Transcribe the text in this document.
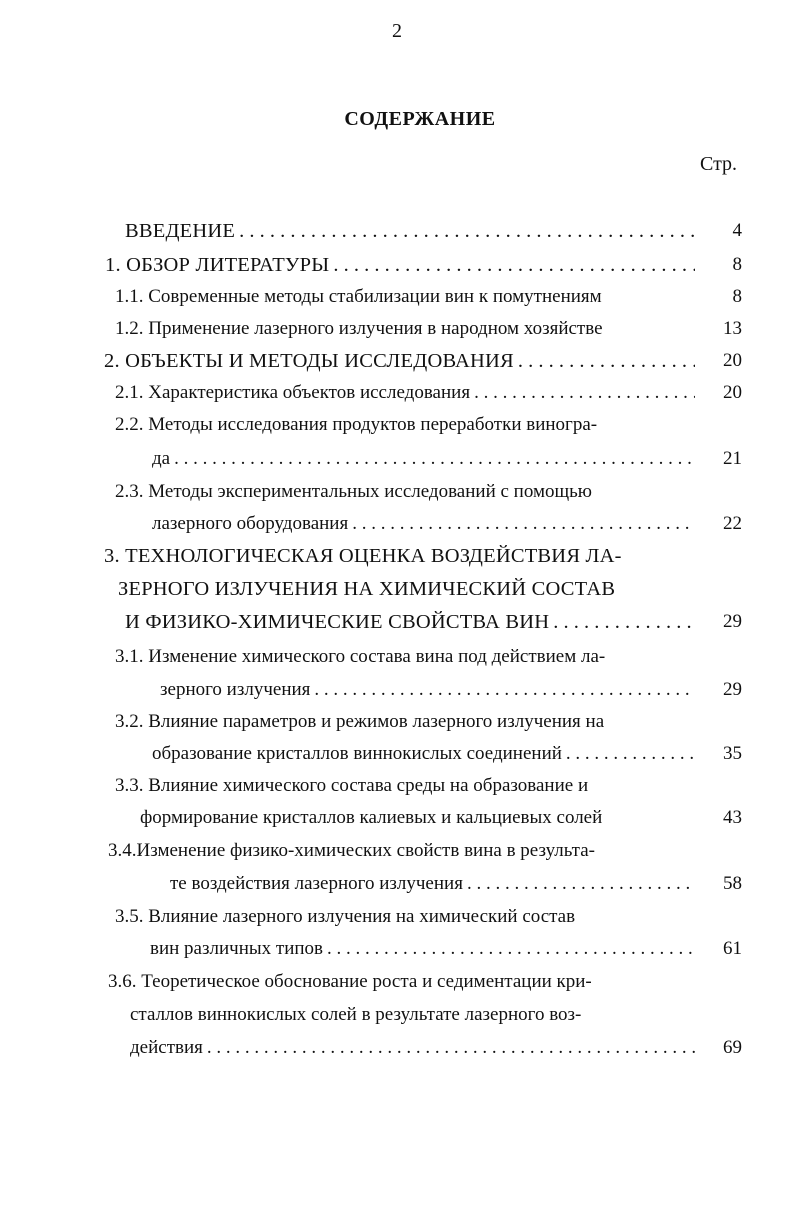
2
СОДЕРЖАНИЕ
Стр.
ВВЕДЕНИЕ . . .	4
1. ОБЗОР ЛИТЕРАТУРЫ . . .	8
1.1. Современные методы стабилизации вин к помутнениям	8
1.2. Применение лазерного излучения в народном хозяйстве	13
2. ОБЪЕКТЫ И МЕТОДЫ ИССЛЕДОВАНИЯ . . .	20
2.1. Характеристика объектов исследования . . .	20
2.2. Методы исследования продуктов переработки виногра-
да . . .	21
2.3. Методы экспериментальных исследований с помощью
лазерного оборудования . . .	22
3. ТЕХНОЛОГИЧЕСКАЯ ОЦЕНКА ВОЗДЕЙСТВИЯ ЛА-
ЗЕРНОГО ИЗЛУЧЕНИЯ НА ХИМИЧЕСКИЙ СОСТАВ
И ФИЗИКО-ХИМИЧЕСКИЕ СВОЙСТВА ВИН . . .	29
3.1. Изменение химического состава вина под действием ла-
зерного излучения . . .	29
3.2. Влияние параметров и режимов лазерного излучения на
образование кристаллов виннокислых соединений . . .	35
3.3. Влияние химического состава среды на образование и
формирование кристаллов калиевых и кальциевых солей	43
3.4.Изменение физико-химических свойств вина в результа-
те воздействия лазерного излучения . . .	58
3.5. Влияние лазерного излучения на химический состав
вин различных типов . . .	61
3.6. Теоретическое обоснование роста и седиментации кри-
сталлов виннокислых солей в результате лазерного воз-
действия . . .	69
